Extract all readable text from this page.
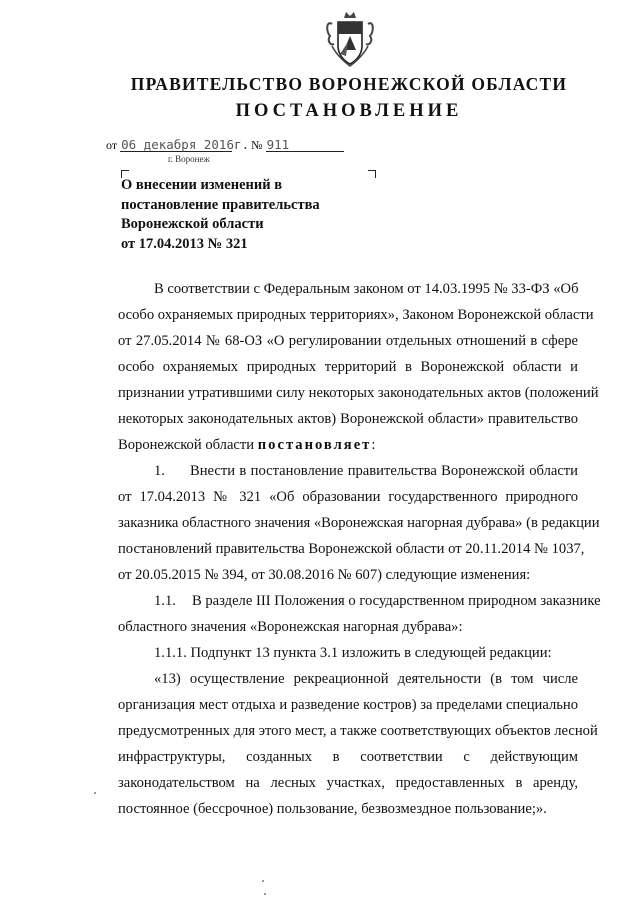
ПРАВИТЕЛЬСТВО ВОРОНЕЖСКОЙ ОБЛАСТИ
ПОСТАНОВЛЕНИЕ
от 06 декабря 2016г. № 911
г. Воронеж
О внесении изменений в
постановление правительства
Воронежской области
от 17.04.2013 № 321
В соответствии с Федеральным законом от 14.03.1995 № 33-ФЗ «Об
особо охраняемых природных территориях», Законом Воронежской области
от 27.05.2014 № 68-ОЗ «О регулировании отдельных отношений в сфере
особо охраняемых природных территорий в Воронежской области и
признании утратившими силу некоторых законодательных актов (положений
некоторых законодательных актов) Воронежской области» правительство
Воронежской области постановляет:
1. Внести в постановление правительства Воронежской области
от 17.04.2013 № 321 «Об образовании государственного природного
заказника областного значения «Воронежская нагорная дубрава» (в редакции
постановлений правительства Воронежской области от 20.11.2014 № 1037,
от 20.05.2015 № 394, от 30.08.2016 № 607) следующие изменения:
1.1. В разделе III Положения о государственном природном заказнике
областного значения «Воронежская нагорная дубрава»:
1.1.1. Подпункт 13 пункта 3.1 изложить в следующей редакции:
«13) осуществление рекреационной деятельности (в том числе
организация мест отдыха и разведение костров) за пределами специально
предусмотренных для этого мест, а также соответствующих объектов лесной
инфраструктуры, созданных в соответствии с действующим
законодательством на лесных участках, предоставленных в аренду,
постоянное (бессрочное) пользование, безвозмездное пользование;».
